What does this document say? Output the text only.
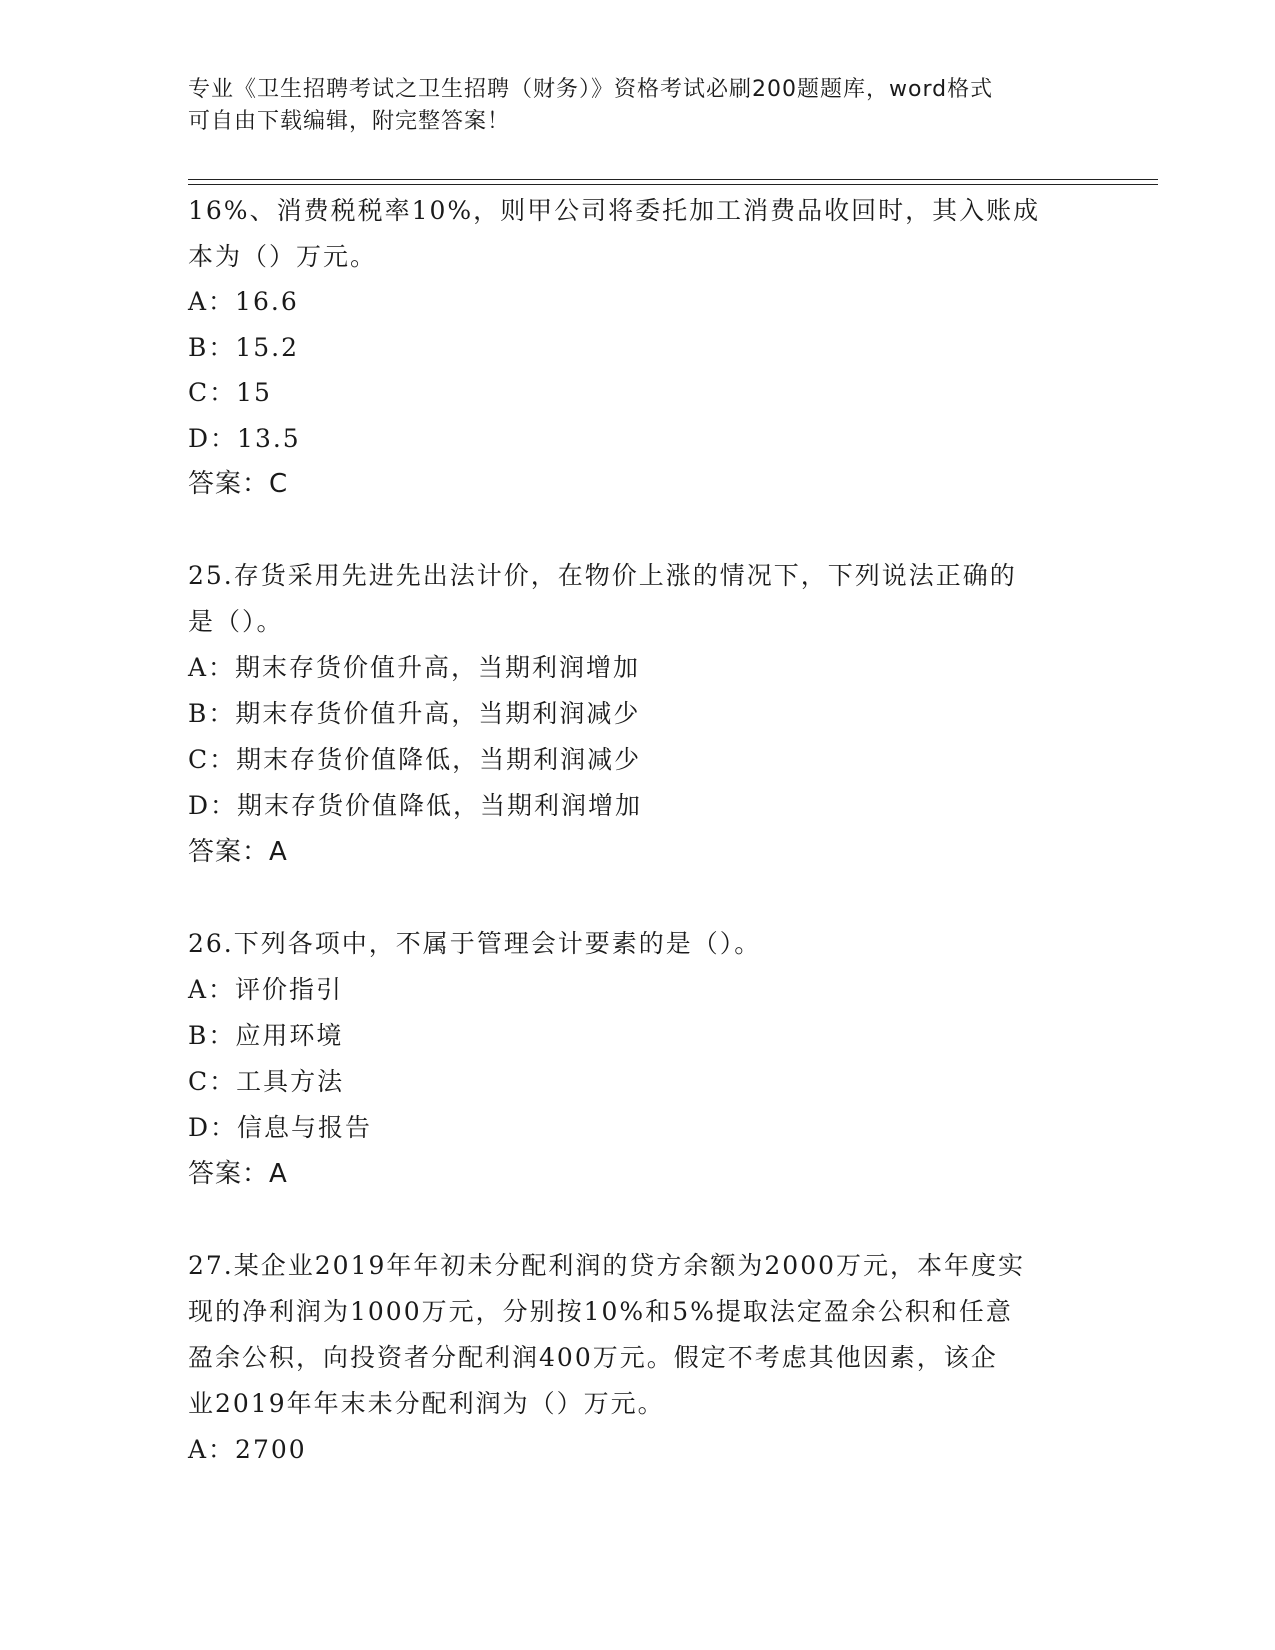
专业《卫生招聘考试之卫生招聘（财务）》资格考试必刷200题题库，word格式
可自由下载编辑，附完整答案！
16%、消费税税率10%，则甲公司将委托加工消费品收回时，其入账成
本为（）万元。
A：16.6
B：15.2
C：15
D：13.5
答案：C
25.存货采用先进先出法计价，在物价上涨的情况下，下列说法正确的
是（）。
A：期末存货价值升高，当期利润增加
B：期末存货价值升高，当期利润减少
C：期末存货价值降低，当期利润减少
D：期末存货价值降低，当期利润增加
答案：A
26.下列各项中，不属于管理会计要素的是（）。
A：评价指引
B：应用环境
C：工具方法
D：信息与报告
答案：A
27.某企业2019年年初未分配利润的贷方余额为2000万元，本年度实
现的净利润为1000万元，分别按10%和5%提取法定盈余公积和任意
盈余公积，向投资者分配利润400万元。假定不考虑其他因素，该企
业2019年年末未分配利润为（）万元。
A：2700
